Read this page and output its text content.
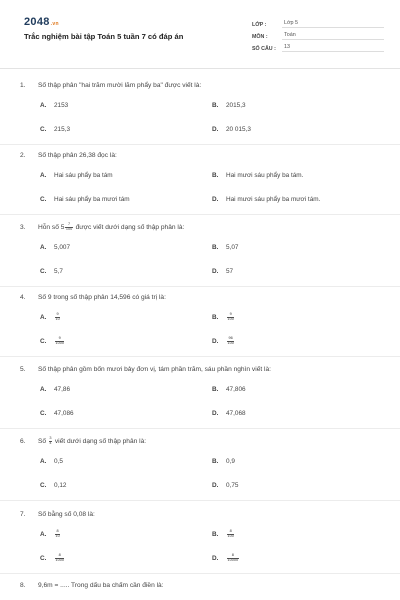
2048.vn
Trắc nghiệm bài tập Toán 5 tuần 7 có đáp án
LỚP :	Lớp 5
MÔN :	Toán
SỐ CÂU :	13
1.	Số thập phân "hai trăm mười lăm phẩy ba" được viết là:
A.	2153	B.	2015,3
C.	215,3	D.	20 015,3
2.	Số thập phân 26,38 đọc là:
A.	Hai sáu phẩy ba tám	B.	Hai mươi sáu phẩy ba tám.
C.	Hai sáu phẩy ba mươi tám	D.	Hai mươi sáu phẩy ba mươi tám.
3.	Hỗn số $5 \frac{7}{100}$ được viết dưới dạng số thập phân là:
A.	5,007	B.	5,07
C.	5,7	D.	57
4.	Số 9 trong số thập phân 14,596 có giá trị là:
A.	$\frac{9}{10}$	B.	$\frac{9}{100}$
C.	$\frac{9}{1000}$	D.	$\frac{96}{100}$
5.	Số thập phân gồm bốn mươi bảy đơn vị, tám phần trăm, sáu phần nghìn viết là:
A.	47,86	B.	47,806
C.	47,086	D.	47,068
6.	Số $\frac{3}{4}$ viết dưới dạng số thập phân là:
A.	0,5	B.	0,9
C.	0,12	D.	0,75
7.	Số bằng số 0,08 là:
A.	$\frac{8}{10}$	B.	$\frac{8}{100}$
C.	$\frac{8}{1000}$	D.	$\frac{8}{10000}$
8.	9,6m = ..... Trong dấu ba chấm cần điền là:
